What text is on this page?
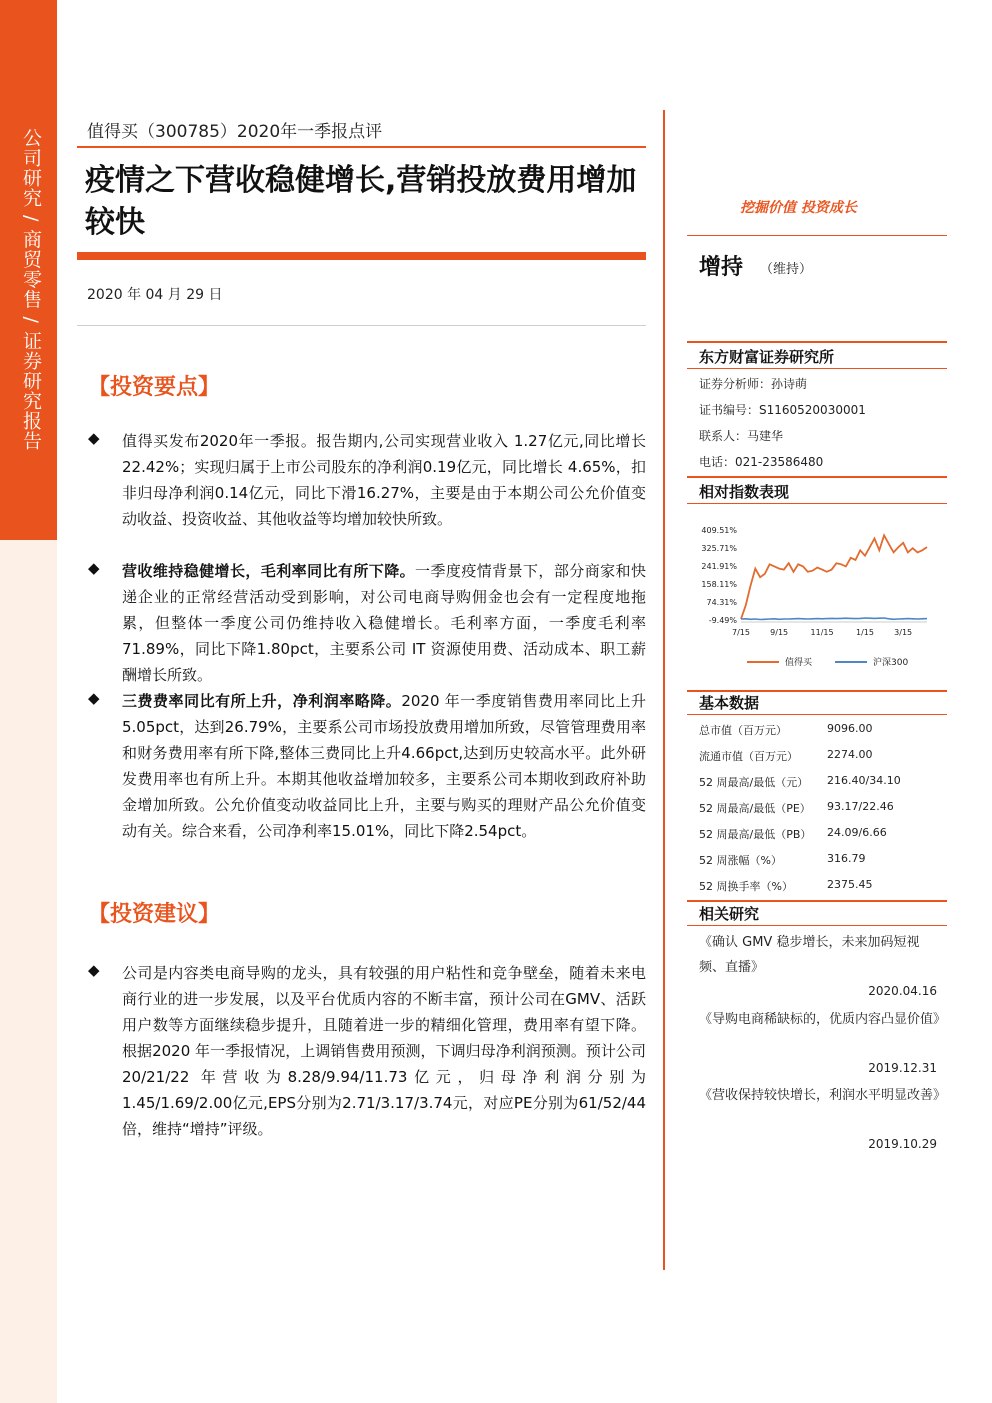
公司研究 / 商贸零售 / 证券研究报告	值得买（300785）2020年一季报点评
疫情之下营收稳健增长,营销投放费用增加较快
2020 年 04 月 29 日
【投资要点】
◆ 值得买发布2020年一季报。报告期内,公司实现营业收入 1.27亿元,同比增长 22.42%；实现归属于上市公司股东的净利润0.19亿元，同比增长 4.65%，扣非归母净利润0.14亿元，同比下滑16.27%，主要是由于本期公司公允价值变动收益、投资收益、其他收益等均增加较快所致。

◆ 营收维持稳健增长，毛利率同比有所下降。一季度疫情背景下，部分商家和快递企业的正常经营活动受到影响，对公司电商导购佣金也会有一定程度地拖累，但整体一季度公司仍维持收入稳健增长。毛利率方面，一季度毛利率71.89%，同比下降1.80pct，主要系公司 IT 资源使用费、活动成本、职工薪酬增长所致。

◆ 三费费率同比有所上升，净利润率略降。2020 年一季度销售费用率同比上升5.05pct，达到26.79%，主要系公司市场投放费用增加所致，尽管管理费用率和财务费用率有所下降,整体三费同比上升4.66pct,达到历史较高水平。此外研发费用率也有所上升。本期其他收益增加较多，主要系公司本期收到政府补助金增加所致。公允价值变动收益同比上升，主要与购买的理财产品公允价值变动有关。综合来看，公司净利率15.01%，同比下降2.54pct。

【投资建议】
◆ 公司是内容类电商导购的龙头，具有较强的用户粘性和竞争壁垒，随着未来电商行业的进一步发展，以及平台优质内容的不断丰富，预计公司在GMV、活跃用户数等方面继续稳步提升，且随着进一步的精细化管理，费用率有望下降。根据2020 年一季报情况，上调销售费用预测，下调归母净利润预测。预计公司 20/21/22 年营收为8.28/9.94/11.73亿元，归母净利润分别为1.45/1.69/2.00亿元,EPS分别为2.71/3.17/3.74元，对应PE分别为61/52/44倍，维持“增持”评级。

挖掘价值 投资成长
增持 （维持）
东方财富证券研究所
证券分析师：孙诗萌
证书编号：S1160520030001
联系人：马建华
电话：021-23586480
相对指数表现
409.51%
325.71%
241.91%
158.11%
74.31%
-9.49%
7/15	9/15	11/15	1/15	3/15
值得买	沪深300
基本数据
总市值（百万元）	9096.00
流通市值（百万元）	2274.00
52 周最高/最低（元） 216.40/34.10
52 周最高/最低（PE） 93.17/22.46
52 周最高/最低（PB） 24.09/6.66
52 周涨幅（%）	316.79
52 周换手率（%）	2375.45
相关研究
《确认 GMV 稳步增长，未来加码短视频、直播》
2020.04.16
《导购电商稀缺标的，优质内容凸显价值》
2019.12.31
《营收保持较快增长，利润水平明显改善》
2019.10.29
